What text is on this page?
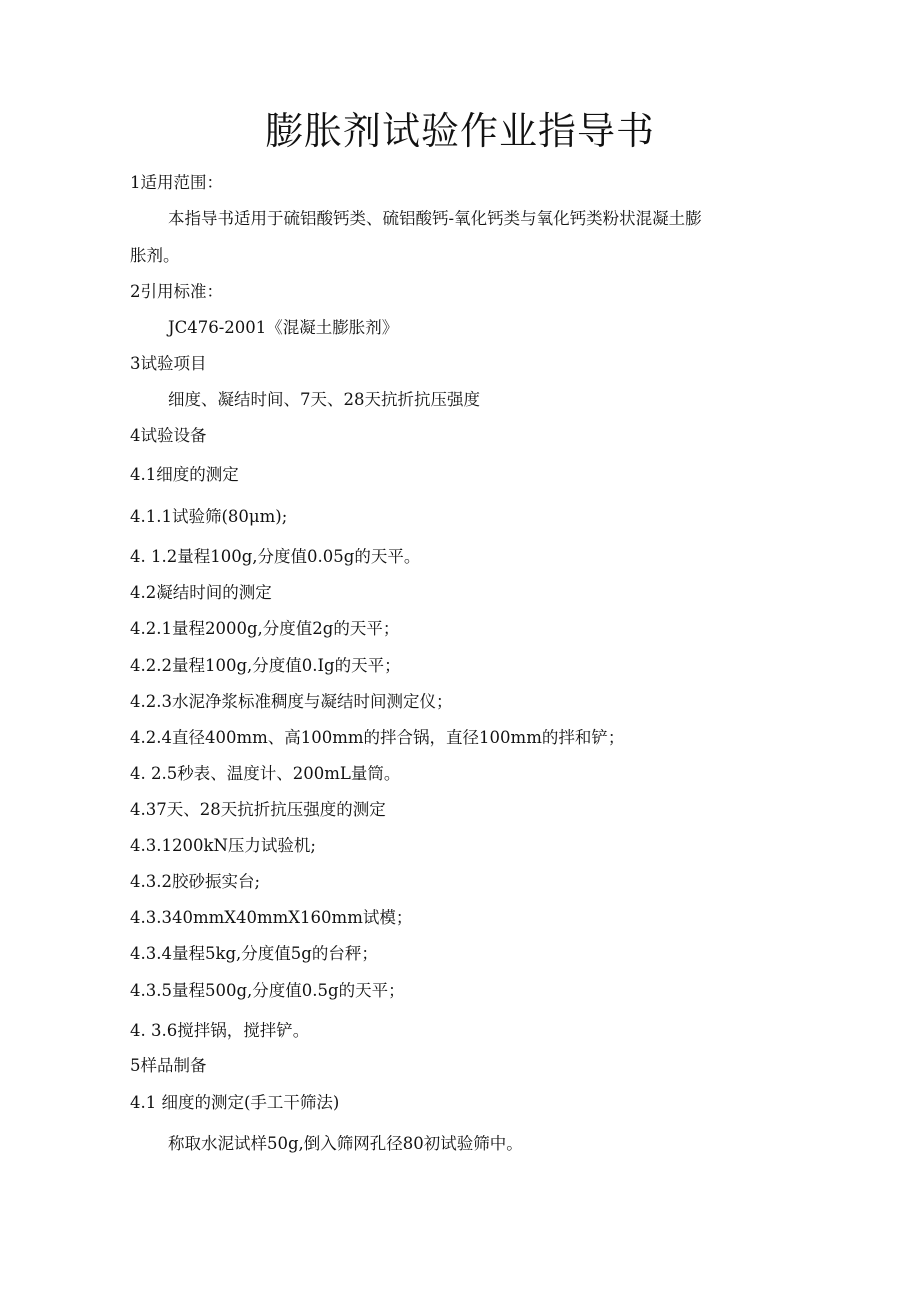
膨胀剂试验作业指导书
1适用范围：
本指导书适用于硫铝酸钙类、硫铝酸钙-氧化钙类与氧化钙类粉状混凝土膨
胀剂。
2引用标准：
JC476-2001《混凝土膨胀剂》
3试验项目
细度、凝结时间、7天、28天抗折抗压强度
4试验设备
4.1细度的测定
4.1.1试验筛(80μm);
4. 1.2量程100g,分度值0.05g的天平。
4.2凝结时间的测定
4.2.1量程2000g,分度值2g的天平；
4.2.2量程100g,分度值0.Ig的天平；
4.2.3水泥净浆标准稠度与凝结时间测定仪；
4.2.4直径400mm、高100mm的拌合锅，直径100mm的拌和铲；
4. 2.5秒表、温度计、200mL量筒。
4.37天、28天抗折抗压强度的测定
4.3.1200kN压力试验机;
4.3.2胶砂振实台;
4.3.340mmX40mmX160mm试模；
4.3.4量程5kg,分度值5g的台秤；
4.3.5量程500g,分度值0.5g的天平；
4. 3.6搅拌锅，搅拌铲。
5样品制备
4.1 细度的测定(手工干筛法)
称取水泥试样50g,倒入筛网孔径80初试验筛中。
